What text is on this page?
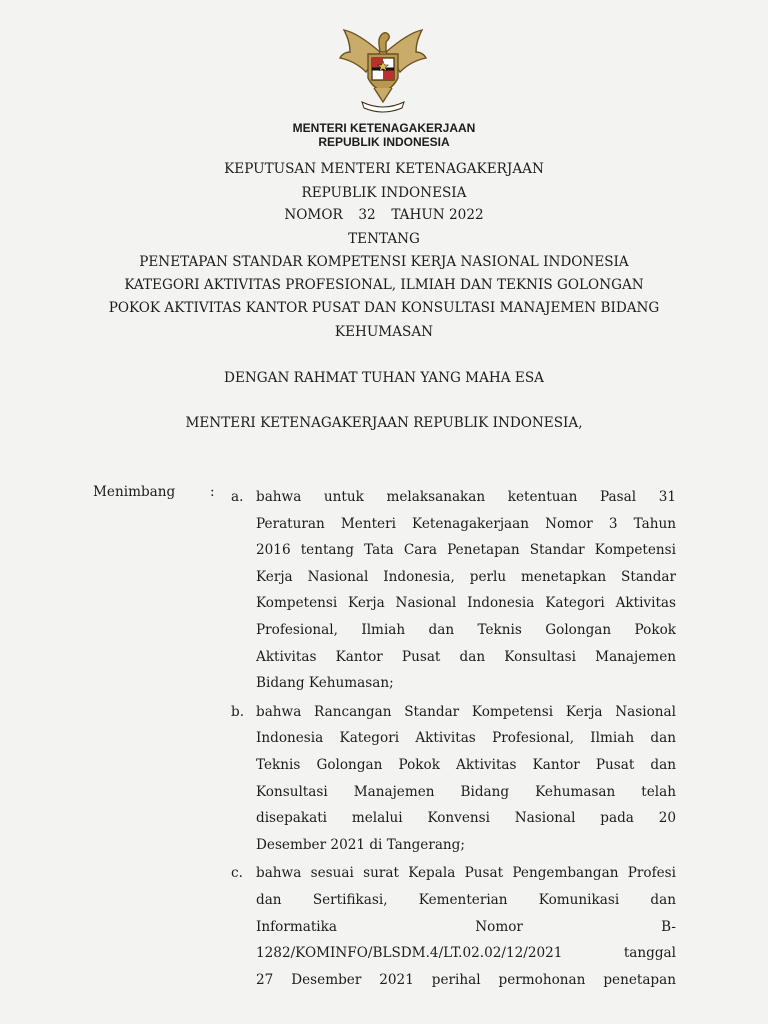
MENTERI KETENAGAKERJAAN
REPUBLIK INDONESIA
KEPUTUSAN MENTERI KETENAGAKERJAAN
REPUBLIK INDONESIA
NOMOR 32 TAHUN 2022
TENTANG
PENETAPAN STANDAR KOMPETENSI KERJA NASIONAL INDONESIA
KATEGORI AKTIVITAS PROFESIONAL, ILMIAH DAN TEKNIS GOLONGAN
POKOK AKTIVITAS KANTOR PUSAT DAN KONSULTASI MANAJEMEN BIDANG
KEHUMASAN
DENGAN RAHMAT TUHAN YANG MAHA ESA
MENTERI KETENAGAKERJAAN REPUBLIK INDONESIA,
Menimbang	: a. bahwa untuk melaksanakan ketentuan Pasal 31
Peraturan Menteri Ketenagakerjaan Nomor 3 Tahun
2016 tentang Tata Cara Penetapan Standar Kompetensi
Kerja Nasional Indonesia, perlu menetapkan Standar
Kompetensi Kerja Nasional Indonesia Kategori Aktivitas
Profesional, Ilmiah dan Teknis Golongan Pokok
Aktivitas Kantor Pusat dan Konsultasi Manajemen
Bidang Kehumasan;
b. bahwa Rancangan Standar Kompetensi Kerja Nasional
Indonesia Kategori Aktivitas Profesional, Ilmiah dan
Teknis Golongan Pokok Aktivitas Kantor Pusat dan
Konsultasi Manajemen Bidang Kehumasan telah
disepakati melalui Konvensi Nasional pada 20
Desember 2021 di Tangerang;
c. bahwa sesuai surat Kepala Pusat Pengembangan Profesi
dan Sertifikasi, Kementerian Komunikasi dan
Informatika Nomor B-
1282/KOMINFO/BLSDM.4/LT.02.02/12/2021 tanggal
27 Desember 2021 perihal permohonan penetapan
